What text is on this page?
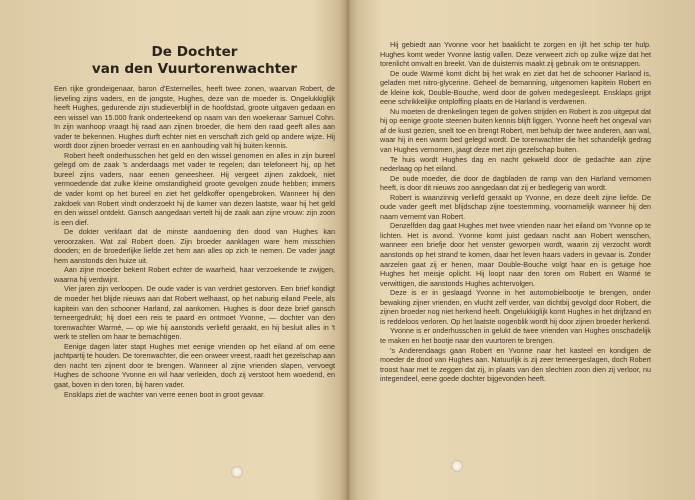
De Dochter
van den Vuurtorenwachter

Een rijke grondeigenaar, baron d'Esternelles, heeft twee zonen, waarvan Robert, de lieveling zijns vaders, en de jongste, Hughes, deze van de moeder is. Ongelukkiglijk heeft Hughes, gedurende zijn studieverblijf in de hoofdstad, groote uitgaven gedaan en een wissel van 15.000 frank onderteekend op naam van den woekeraar Samuel Cohn. In zijn wanhoop vraagt hij raad aan zijnen broeder, die hem den raad geeft alles aan vader te bekennen. Hughes durft echter niet en verschaft zich geld op andere wijze. Hij wordt door zijnen broeder verrast en en aanhouding valt hij buiten kennis.

Robert heeft onderhusschen het geld en den wissel genomen en alles in zijn bureel gelegd om de zaak 's anderdaags met vader te regelen; dan telefoneert hij, op het bureel zijns vaders, naar eenen geneesheer. Hij vergeet zijnen zakdoek, niet vermoedende dat zulke kleine omstandigheid groote gevolgen zoude hebben; immers de vader komt op het bureel en ziet het geldkoffer opengebroken. Wanneer hij den zakdoek van Robert vindt onderzoekt hij de kamer van dezen laatste, waar hij het geld en den wissel ontdekt. Gansch aangedaan vertelt hij de zaak aan zijne vrouw: zijn zoon is een dief.

De dokter verklaart dat de minste aandoening den dood van Hughes kan veroorzaken. Wat zal Robert doen. Zijn broeder aanklagen ware hem misschien dooden; en de broederlijke liefde zet hem aan alles op zich te nemen. De vader jaagt hem aanstonds den huize uit.

Aan zijne moeder bekent Robert echter de waarheid, haar verzoekende te zwijgen, waarna hij verdwijnt.

Vier jaren zijn verloopen. De oude vader is van verdriet gestorven. Een brief kondigt de moeder het blijde nieuws aan dat Robert welhaast, op het naburig eiland Peele, als kapitein van den schooner Harland, zal aankomen. Hughes is door deze brief gansch terneergedrukt; hij doet een reis te paard en ontmoet Yvonne, — dochter van den torenwachter Warmé, — op wie hij aanstonds verliefd geraakt, en hij besluit alles in 't werk te stellen om haar te bemachtigen.

Eenige dagen later stapt Hughes met eenige vrienden op het eiland af om eene jachtpartij te houden. De torenwachter, die een onweer vreest, raadt het gezelschap aan den nacht ten zijnent door te brengen. Wanneer al zijne vrienden slapen, vervoegt Hughes de schoone Yvonne en wil haar verleiden, doch zij verstoot hem woedend, en gaat, boven in den toren, bij haren vader.

Ensklaps ziet de wachter van verre eenen boot in groot gevaar.

Hij gebiedt aan Yvonne voor het baaklicht te zorgen en ijlt het schip ter hulp. Hughes komt weder Yvonne lastig vallen. Deze verweert zich op zulke wijze dat het torenlicht omvalt en breekt. Van de duisternis maakt zij gebruik om te ontsnappen.

De oude Warmé komt dicht bij het wrak en ziet dat het de schooner Harland is, geladen met nitro-glycerine. Geheel de bemanning, uitgenomen kapitein Robert en de kleine kok, Double-Bouche, werd door de golven medegesleept. Ensklaps grijpt eene schrikkelijke ontploffing plaats en de Harland is verdwenen.

Nu moeten de drenkelingen tegen de golven strijden en Robert is zoo uitgeput dat hij op eenige groote steenen buiten kennis blijft liggen. Yvonne heeft het ongeval van af de kust gezien, snelt toe en brengt Robert, met behulp der twee anderen, aan wal, waar hij in een warm bed gelegd wordt. De torenwachter die het schandelijk gedrag van Hughes vernomen, jaagt deze met zijn gezelschap buiten.

Te huis wordt Hughes dag en nacht gekweld door de gedachte aan zijne nederlaag op het eiland.

De oude moeder, die door de dagbladen de ramp van den Harland vernomen heeft, is door dit nieuws zoo aangedaan dat zij er bedlegerig van wordt.

Robert is waanzinnig verliefd geraakt op Yvonne, en deze deelt zijne liefde. De oude vader geeft met blijdschap zijne toestemming, voornamelijk wanneer hij den naam vernemt van Robert.

Denzelfden dag gaat Hughes met twee vrienden naar het eiland om Yvonne op te lichten. Het is avond. Yvonne komt juist gedaan nacht aan Robert wenschen, wanneer een briefje door het venster geworpen wordt, waarin zij verzocht wordt aanstonds op het strand te komen, daar het leven haars vaders in gevaar is. Zonder aarzelen gaat zij er henen, maar Double-Bouche volgt haar en is getuige hoe Hughes het meisje oplicht. Hij loopt naar den toren om Robert en Warmé te verwittigen, die aanstonds Hughes achtervolgen.

Deze is er in geslaagd Yvonne in het automobielbootje te brengen, onder bewaking zijner vrienden, en vlucht zelf verder, van dichtbij gevolgd door Robert, die zijnen broeder nog niet herkend heeft. Ongelukkiglijk komt Hughes in het drijfzand en is reddeloos verloren. Op het laatste oogenblik wordt hij door zijnen broeder herkend.

Yvonne is er onderhusschen in gelukt de twee vrienden van Hughes onschadelijk te maken en het bootje naar den vuurtoren te brengen.

's Anderendaags gaan Robert en Yvonne naar het kasteel en kondigen de moeder de dood van Hughes aan. Natuurlijk is zij zeer terneergeslagen, doch Robert troost haar met te zeggen dat zij, in plaats van den slechten zoon dien zij verloor, nu integendeel, eene goede dochter bijgevonden heeft.
